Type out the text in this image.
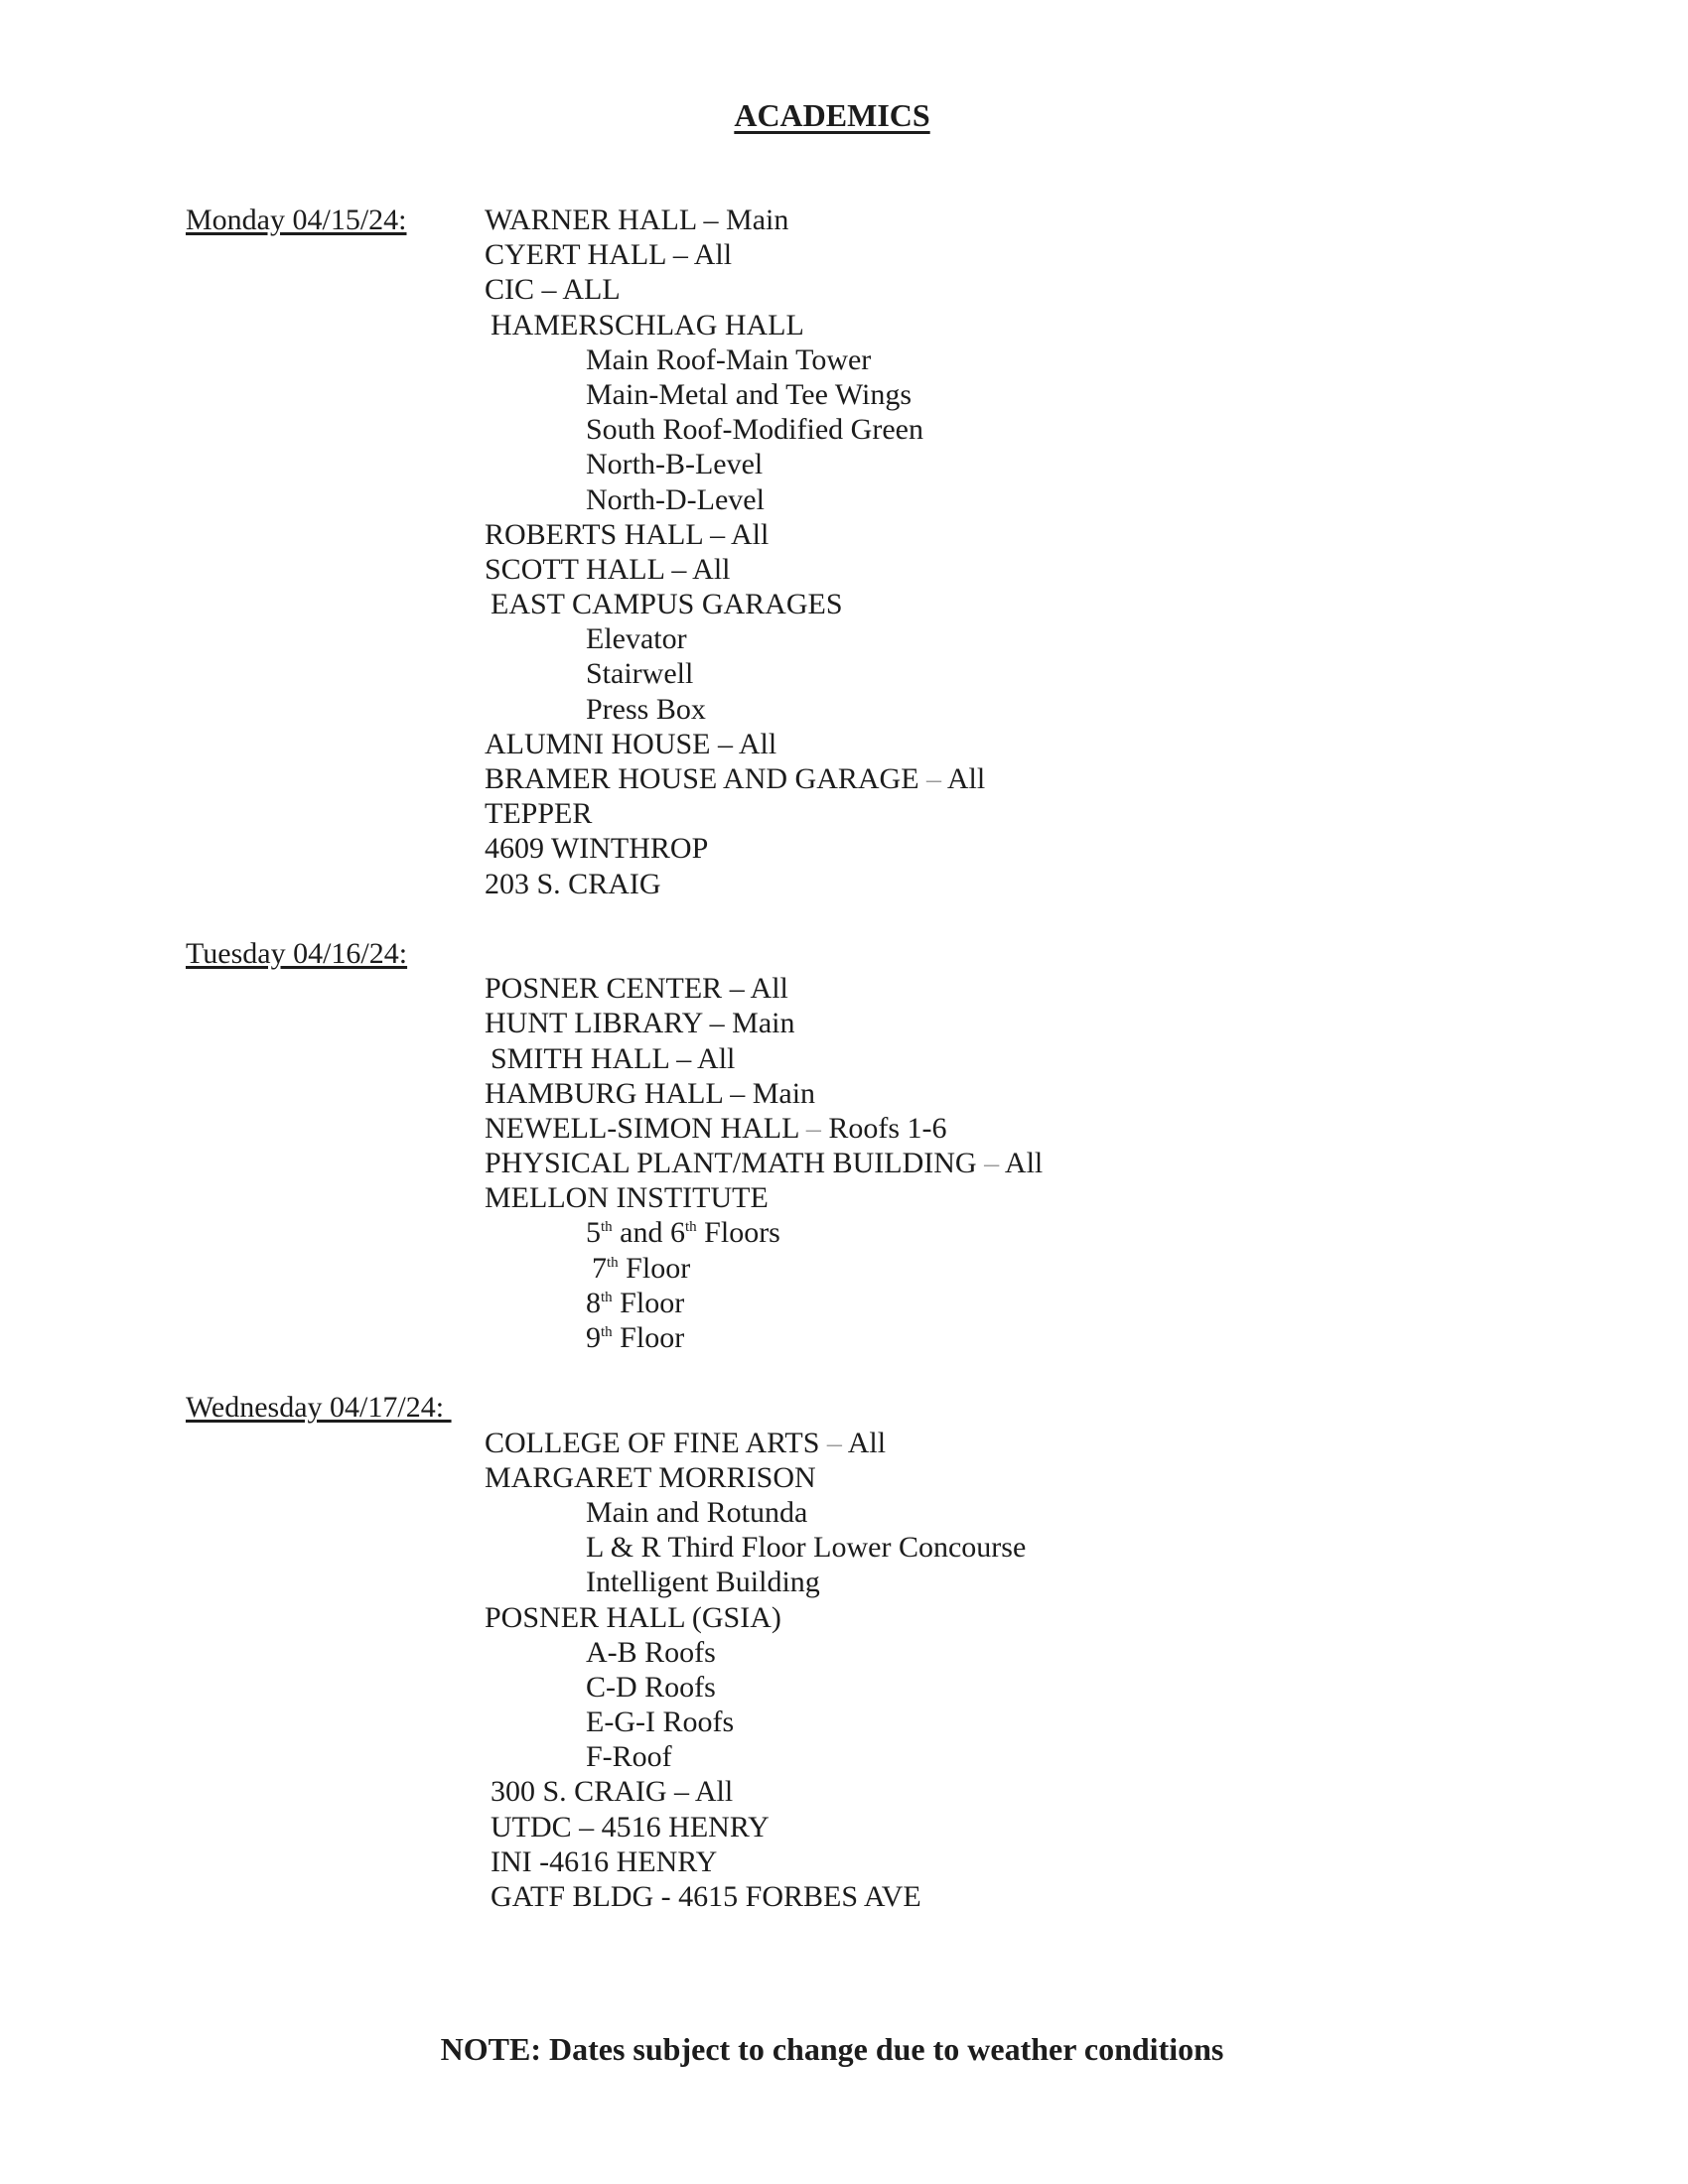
ACADEMICS

Monday 04/15/24:

	WARNER HALL – Main

CYERT HALL – All
CIC – ALL
HAMERSCHLAG HALL
Main Roof-Main Tower
Main-Metal and Tee Wings
South Roof-Modified Green
North-B-Level
North-D-Level
ROBERTS HALL – All
SCOTT HALL – All
EAST CAMPUS GARAGES
Elevator
Stairwell
Press Box
ALUMNI HOUSE – All
BRAMER HOUSE AND GARAGE – All
TEPPER
4609 WINTHROP
203 S. CRAIG
Tuesday 04/16/24:
POSNER CENTER – All
HUNT LIBRARY – Main
SMITH HALL – All
HAMBURG HALL – Main
NEWELL-SIMON HALL – Roofs 1-6
PHYSICAL PLANT/MATH BUILDING – All
MELLON INSTITUTE
5th and 6th Floors
7th Floor
8th Floor
9th Floor
Wednesday 04/17/24:
COLLEGE OF FINE ARTS – All
MARGARET MORRISON
Main and Rotunda
L & R Third Floor Lower Concourse
Intelligent Building
POSNER HALL (GSIA)
A-B Roofs
C-D Roofs
E-G-I Roofs
F-Roof
300 S. CRAIG – All
UTDC – 4516 HENRY
INI -4616 HENRY
GATF BLDG - 4615 FORBES AVE
NOTE: Dates subject to change due to weather conditions
